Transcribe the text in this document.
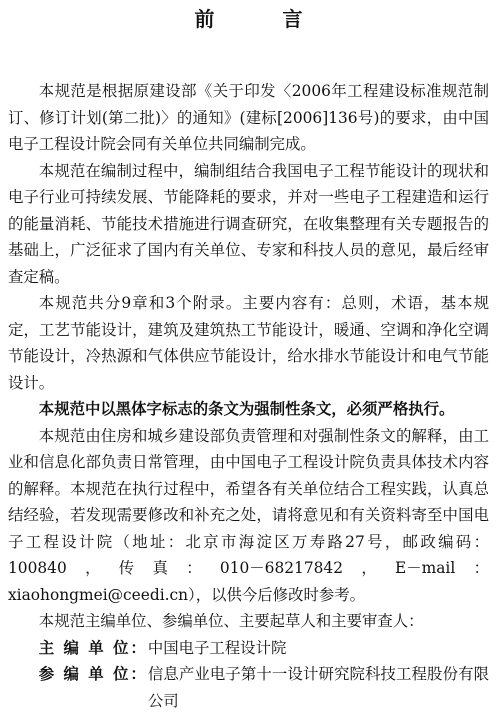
前　言

本规范是根据原建设部《关于印发〈2006年工程建设标准规范制订、修订计划(第二批)〉的通知》(建标[2006]136号)的要求，由中国电子工程设计院会同有关单位共同编制完成。

本规范在编制过程中，编制组结合我国电子工程节能设计的现状和电子行业可持续发展、节能降耗的要求，并对一些电子工程建造和运行的能量消耗、节能技术措施进行调查研究，在收集整理有关专题报告的基础上，广泛征求了国内有关单位、专家和科技人员的意见，最后经审查定稿。

本规范共分9章和3个附录。主要内容有：总则，术语，基本规定，工艺节能设计，建筑及建筑热工节能设计，暖通、空调和净化空调节能设计，冷热源和气体供应节能设计，给水排水节能设计和电气节能设计。

本规范中以黑体字标志的条文为强制性条文，必须严格执行。

本规范由住房和城乡建设部负责管理和对强制性条文的解释，由工业和信息化部负责日常管理，由中国电子工程设计院负责具体技术内容的解释。本规范在执行过程中，希望各有关单位结合工程实践，认真总结经验，若发现需要修改和补充之处，请将意见和有关资料寄至中国电子工程设计院（地址：北京市海淀区万寿路27号，邮政编码：100840，传真：010－68217842，E－mail：xiaohongmei@ceedi.cn），以供今后修改时参考。

本规范主编单位、参编单位、主要起草人和主要审查人：

主 编 单 位： 中国电子工程设计院
参 编 单 位： 信息产业电子第十一设计研究院科技工程股份有限公司
